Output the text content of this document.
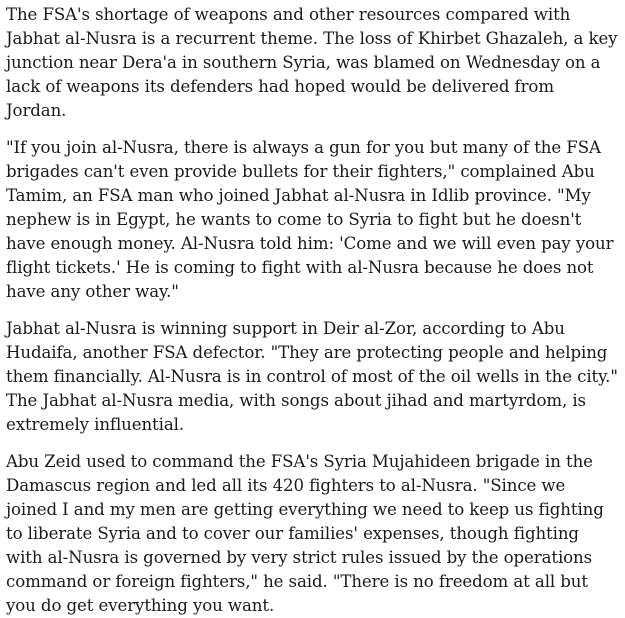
The FSA's shortage of weapons and other resources compared with Jabhat al-Nusra is a recurrent theme. The loss of Khirbet Ghazaleh, a key junction near Dera'a in southern Syria, was blamed on Wednesday on a lack of weapons its defenders had hoped would be delivered from Jordan.

"If you join al-Nusra, there is always a gun for you but many of the FSA brigades can't even provide bullets for their fighters," complained Abu Tamim, an FSA man who joined Jabhat al-Nusra in Idlib province. "My nephew is in Egypt, he wants to come to Syria to fight but he doesn't have enough money. Al-Nusra told him: 'Come and we will even pay your flight tickets.' He is coming to fight with al-Nusra because he does not have any other way."

Jabhat al-Nusra is winning support in Deir al-Zor, according to Abu Hudaifa, another FSA defector. "They are protecting people and helping them financially. Al-Nusra is in control of most of the oil wells in the city." The Jabhat al-Nusra media, with songs about jihad and martyrdom, is extremely influential.

Abu Zeid used to command the FSA's Syria Mujahideen brigade in the Damascus region and led all its 420 fighters to al-Nusra. "Since we joined I and my men are getting everything we need to keep us fighting to liberate Syria and to cover our families' expenses, though fighting with al-Nusra is governed by very strict rules issued by the operations command or foreign fighters," he said. "There is no freedom at all but you do get everything you want.
